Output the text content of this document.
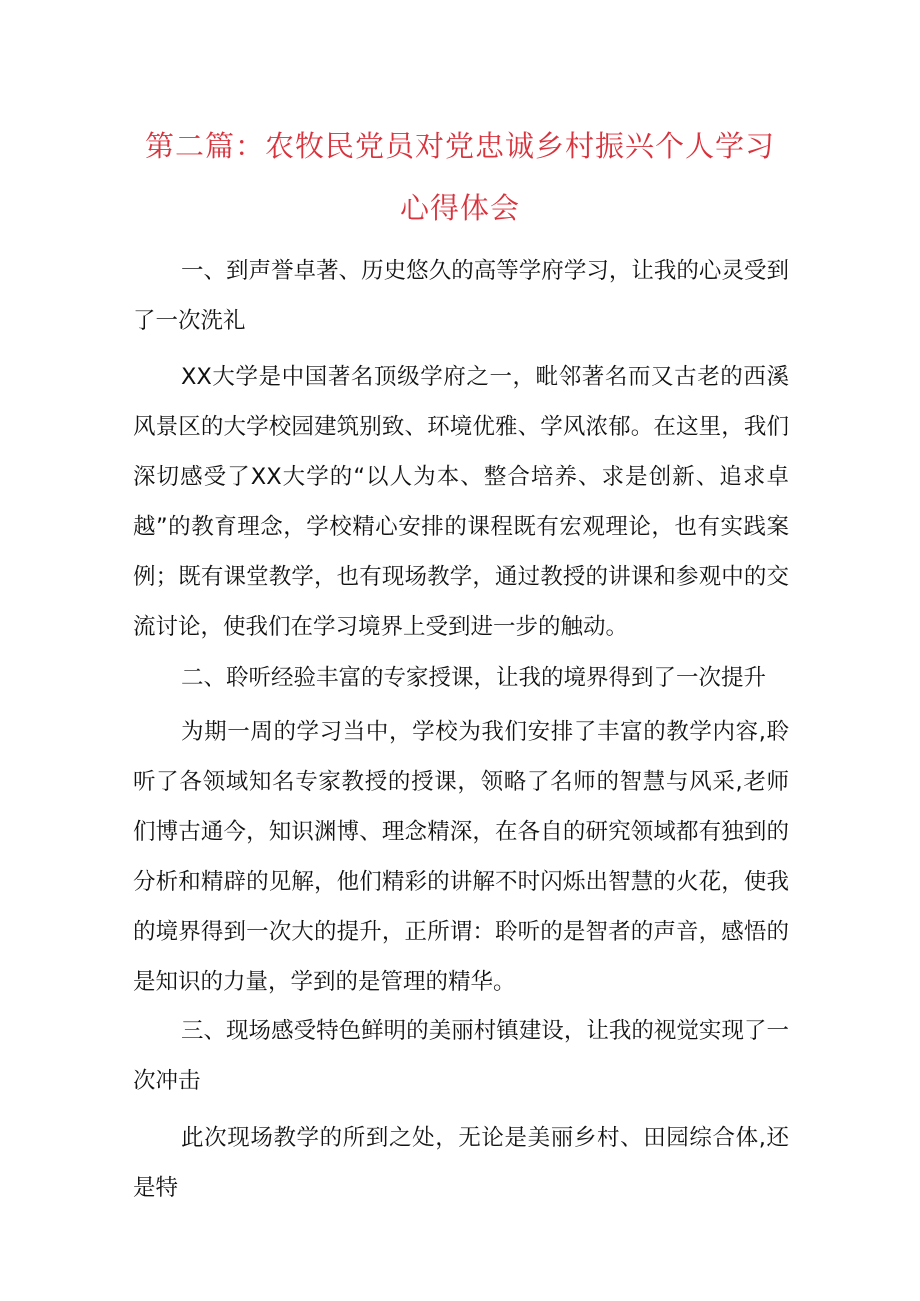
第二篇：农牧民党员对党忠诚乡村振兴个人学习
心得体会
一、到声誉卓著、历史悠久的高等学府学习，让我的心灵受到了一次洗礼
XX大学是中国著名顶级学府之一，毗邻著名而又古老的西溪风景区的大学校园建筑别致、环境优雅、学风浓郁。在这里，我们深切感受了XX大学的“以人为本、整合培养、求是创新、追求卓越”的教育理念，学校精心安排的课程既有宏观理论，也有实践案例；既有课堂教学，也有现场教学，通过教授的讲课和参观中的交流讨论，使我们在学习境界上受到进一步的触动。
二、聆听经验丰富的专家授课，让我的境界得到了一次提升
为期一周的学习当中，学校为我们安排了丰富的教学内容,聆听了各领域知名专家教授的授课，领略了名师的智慧与风采,老师们博古通今，知识渊博、理念精深，在各自的研究领域都有独到的分析和精辟的见解，他们精彩的讲解不时闪烁出智慧的火花，使我的境界得到一次大的提升，正所谓：聆听的是智者的声音，感悟的是知识的力量，学到的是管理的精华。
三、现场感受特色鲜明的美丽村镇建设，让我的视觉实现了一次冲击
此次现场教学的所到之处，无论是美丽乡村、田园综合体,还是特
